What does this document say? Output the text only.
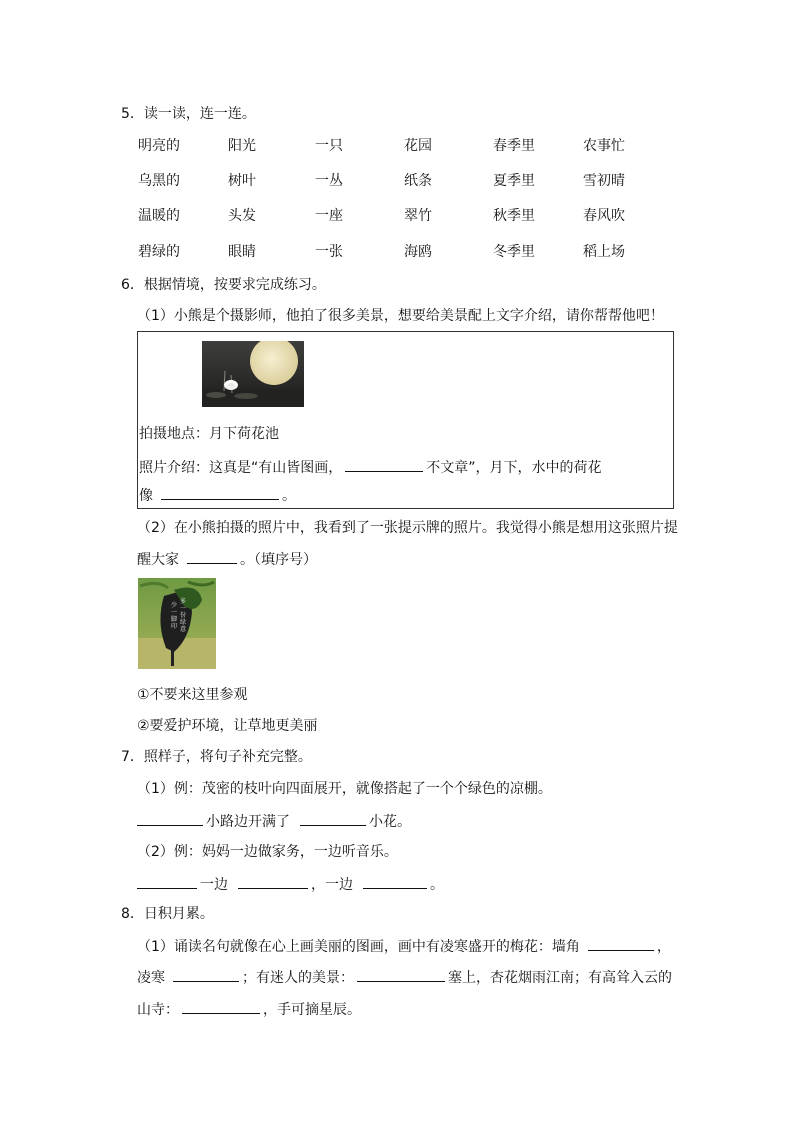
5．读一读，连一连。
明亮的	阳光	一只	花园	春季里	农事忙
乌黑的	树叶	一丛	纸条	夏季里	雪初晴
温暖的	头发	一座	翠竹	秋季里	春风吹
碧绿的	眼睛	一张	海鸥	冬季里	稻上场
6．根据情境，按要求完成练习。
（1）小熊是个摄影师，他拍了很多美景，想要给美景配上文字介绍，请你帮帮他吧！
拍摄地点：月下荷花池
照片介绍：这真是“有山皆图画，	不文章”，月下，水中的荷花
像	。
（2）在小熊拍摄的照片中，我看到了一张提示牌的照片。我觉得小熊是想用这张照片提
醒大家	。（填序号）
少一脚印
多一份绿意
①不要来这里参观
②要爱护环境，让草地更美丽
7．照样子，将句子补充完整。
（1）例：茂密的枝叶向四面展开，就像搭起了一个个绿色的凉棚。
小路边开满了	小花。
（2）例：妈妈一边做家务，一边听音乐。
一边	，一边	。
8．日积月累。
（1）诵读名句就像在心上画美丽的图画，画中有凌寒盛开的梅花：墙角	，
凌寒	；有迷人的美景：	塞上，杏花烟雨江南；有高耸入云的
山寺：	，手可摘星辰。
